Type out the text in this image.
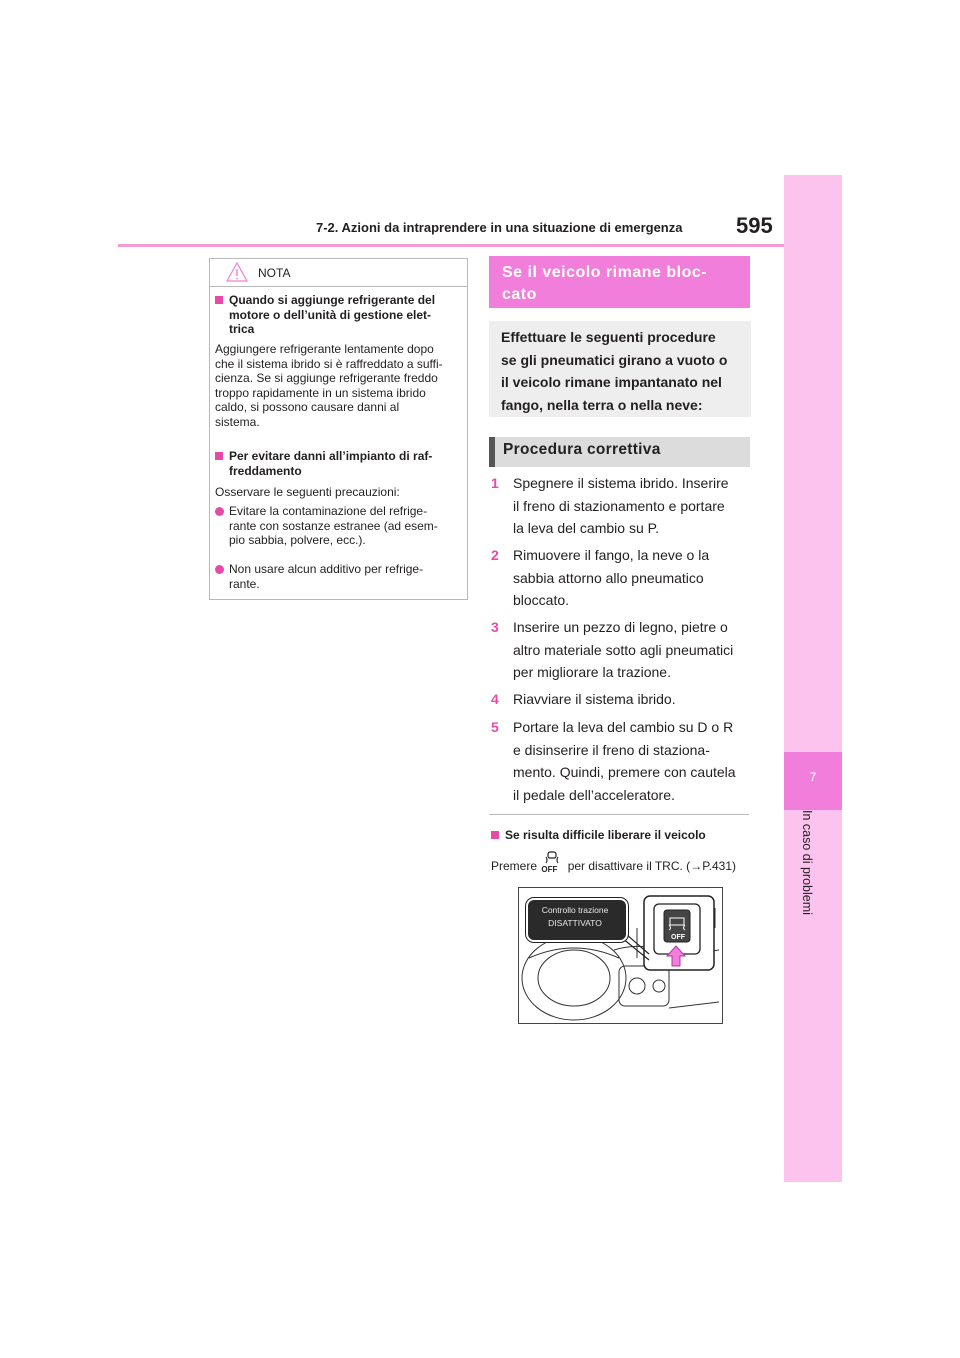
7-2. Azioni da intraprendere in una situazione di emergenza 595
7
In caso di problemi
NOTA
Quando si aggiunge refrigerante del
motore o dell’unità di gestione elet-
trica
Aggiungere refrigerante lentamente dopo
che il sistema ibrido si è raffreddato a suffi-
cienza. Se si aggiunge refrigerante freddo
troppo rapidamente in un sistema ibrido
caldo, si possono causare danni al
sistema.
Per evitare danni all’impianto di raf-
freddamento
Osservare le seguenti precauzioni:
Evitare la contaminazione del refrige-
rante con sostanze estranee (ad esem-
pio sabbia, polvere, ecc.).
Non usare alcun additivo per refrige-
rante.
Se il veicolo rimane bloc-
cato
Effettuare le seguenti procedure
se gli pneumatici girano a vuoto o
il veicolo rimane impantanato nel
fango, nella terra o nella neve:
Procedura correttiva
1 Spegnere il sistema ibrido. Inserire
il freno di stazionamento e portare
la leva del cambio su P.
2 Rimuovere il fango, la neve o la
sabbia attorno allo pneumatico
bloccato.
3 Inserire un pezzo di legno, pietre o
altro materiale sotto agli pneumatici
per migliorare la trazione.
4 Riavviare il sistema ibrido.
5 Portare la leva del cambio su D o R
e disinserire il freno di staziona-
mento. Quindi, premere con cautela
il pedale dell’acceleratore.
Se risulta difficile liberare il veicolo
Premere OFF per disattivare il TRC. (→P.431)
OFF
Controllo trazione
DISATTIVATO
